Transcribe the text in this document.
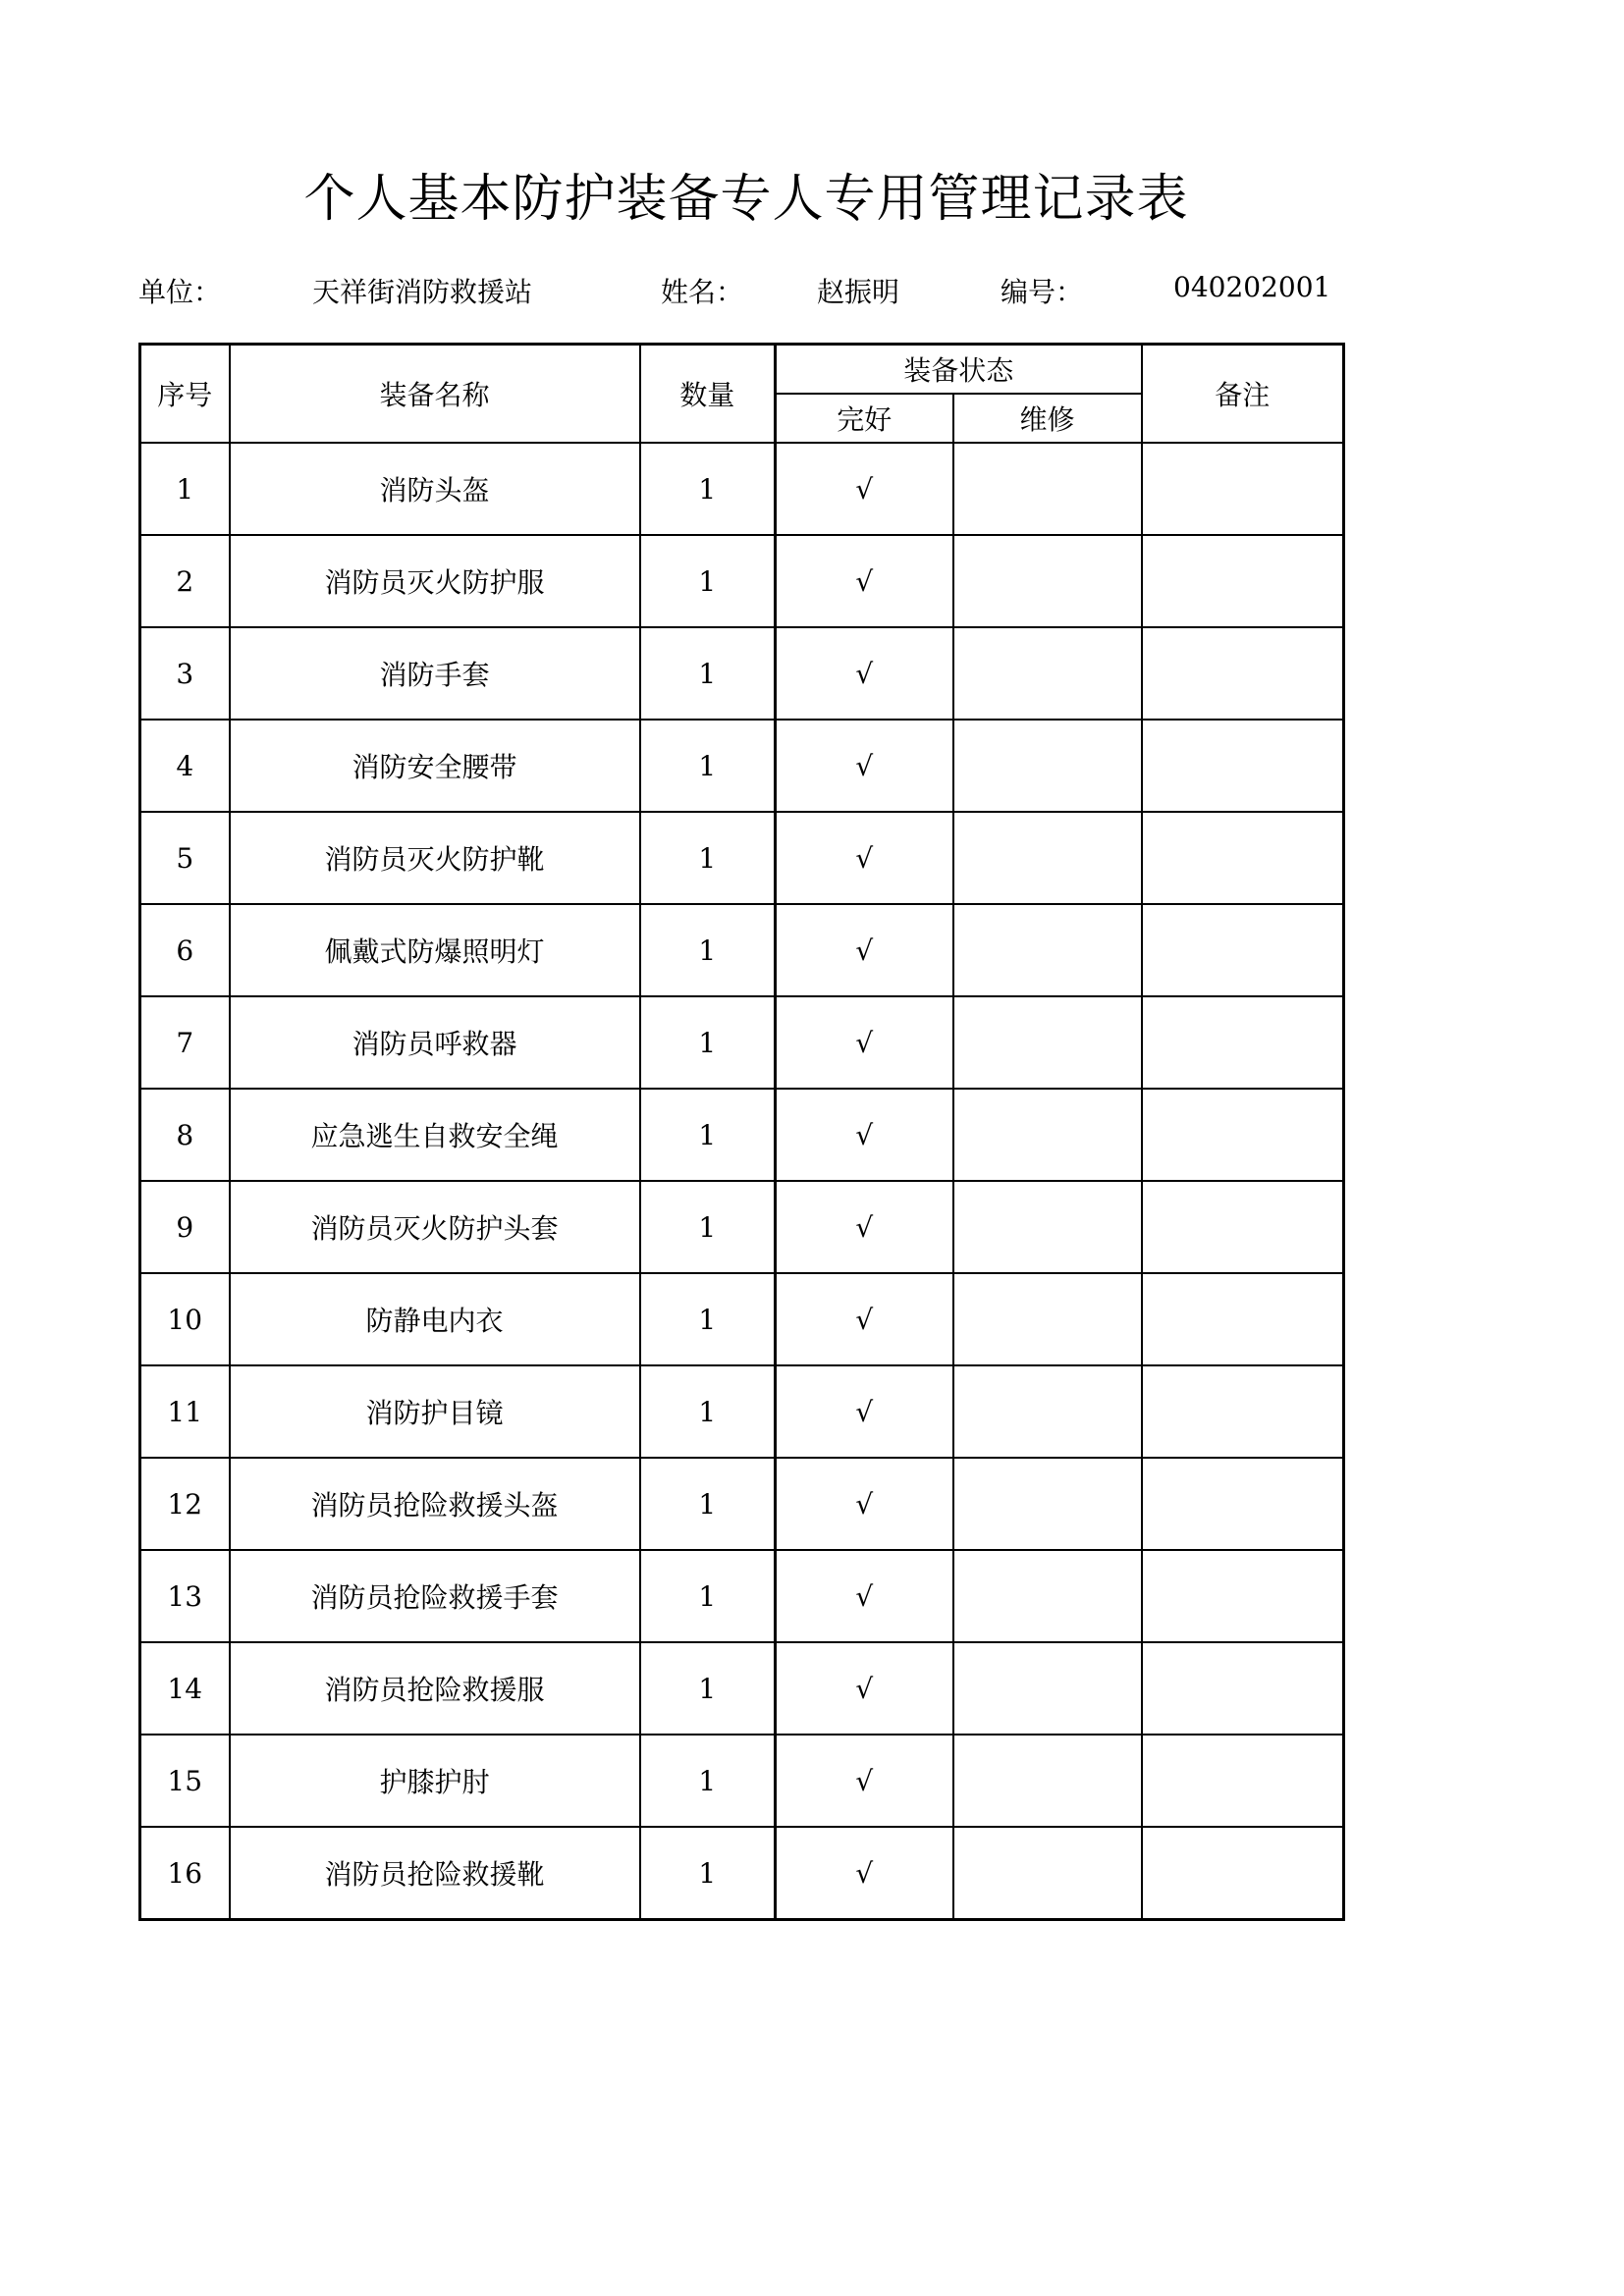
个人基本防护装备专人专用管理记录表
单位：	天祥街消防救援站	姓名：	赵振明	编号：	040202001
序号	装备名称	数量	装备状态		备注
			完好	维修	
1	消防头盔	1	√		
2	消防员灭火防护服	1	√		
3	消防手套	1	√		
4	消防安全腰带	1	√		
5	消防员灭火防护靴	1	√		
6	佩戴式防爆照明灯	1	√		
7	消防员呼救器	1	√		
8	应急逃生自救安全绳	1	√		
9	消防员灭火防护头套	1	√		
10	防静电内衣	1	√		
11	消防护目镜	1	√		
12	消防员抢险救援头盔	1	√		
13	消防员抢险救援手套	1	√		
14	消防员抢险救援服	1	√		
15	护膝护肘	1	√		
16	消防员抢险救援靴	1	√		
